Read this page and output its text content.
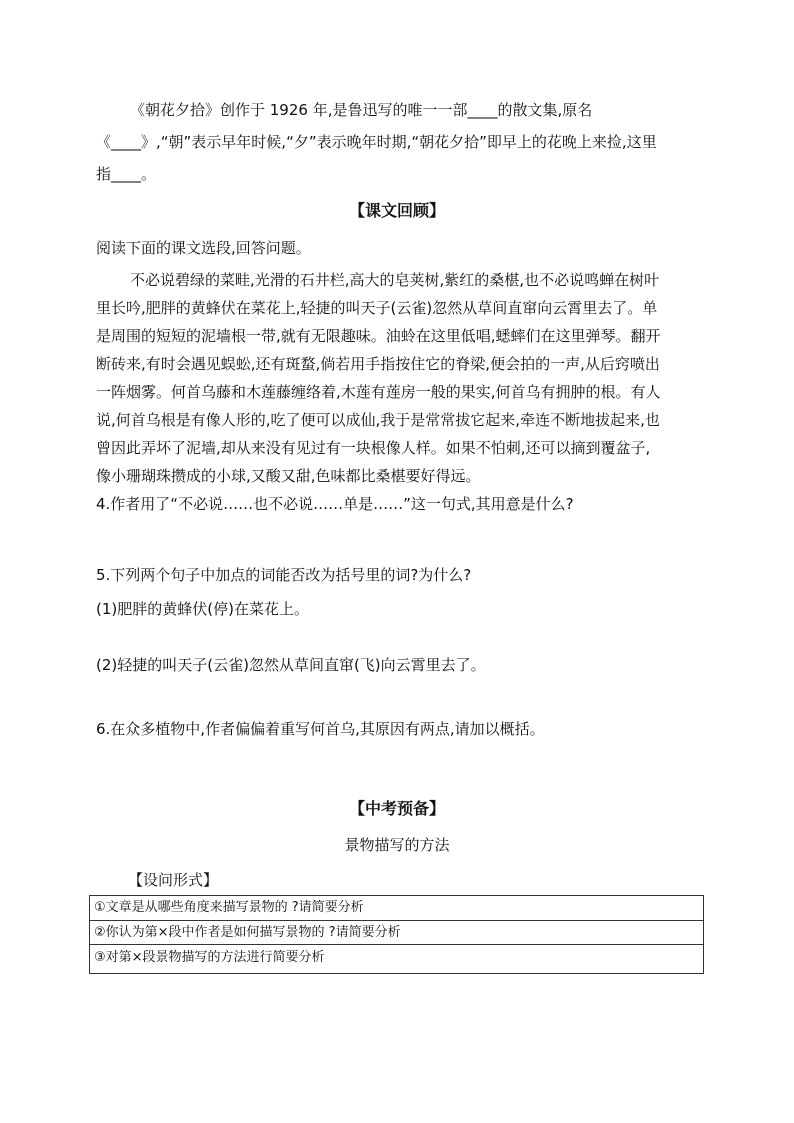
《朝花夕拾》创作于 1926 年,是鲁迅写的唯一一部____的散文集,原名
《____》,“朝”表示早年时候,“夕”表示晚年时期,“朝花夕拾”即早上的花晚上来捡,这里
指____。
【课文回顾】
阅读下面的课文选段,回答问题。
不必说碧绿的菜畦,光滑的石井栏,高大的皂荚树,紫红的桑椹,也不必说鸣蝉在树叶
里长吟,肥胖的黄蜂伏在菜花上,轻捷的叫天子(云雀)忽然从草间直窜向云霄里去了。单
是周围的短短的泥墙根一带,就有无限趣味。油蛉在这里低唱,蟋蟀们在这里弹琴。翻开
断砖来,有时会遇见蜈蚣,还有斑蝥,倘若用手指按住它的脊梁,便会拍的一声,从后窍喷出
一阵烟雾。何首乌藤和木莲藤缠络着,木莲有莲房一般的果实,何首乌有拥肿的根。有人
说,何首乌根是有像人形的,吃了便可以成仙,我于是常常拔它起来,牵连不断地拔起来,也
曾因此弄坏了泥墙,却从来没有见过有一块根像人样。如果不怕刺,还可以摘到覆盆子,
像小珊瑚珠攒成的小球,又酸又甜,色味都比桑椹要好得远。
4.作者用了“不必说……也不必说……单是……”这一句式,其用意是什么?
5.下列两个句子中加点的词能否改为括号里的词?为什么?
(1)肥胖的黄蜂伏(停)在菜花上。
(2)轻捷的叫天子(云雀)忽然从草间直窜(飞)向云霄里去了。
6.在众多植物中,作者偏偏着重写何首乌,其原因有两点,请加以概括。
【中考预备】
景物描写的方法
【设问形式】
①文章是从哪些角度来描写景物的 ?请简要分析
②你认为第×段中作者是如何描写景物的 ?请简要分析
③对第×段景物描写的方法进行简要分析
